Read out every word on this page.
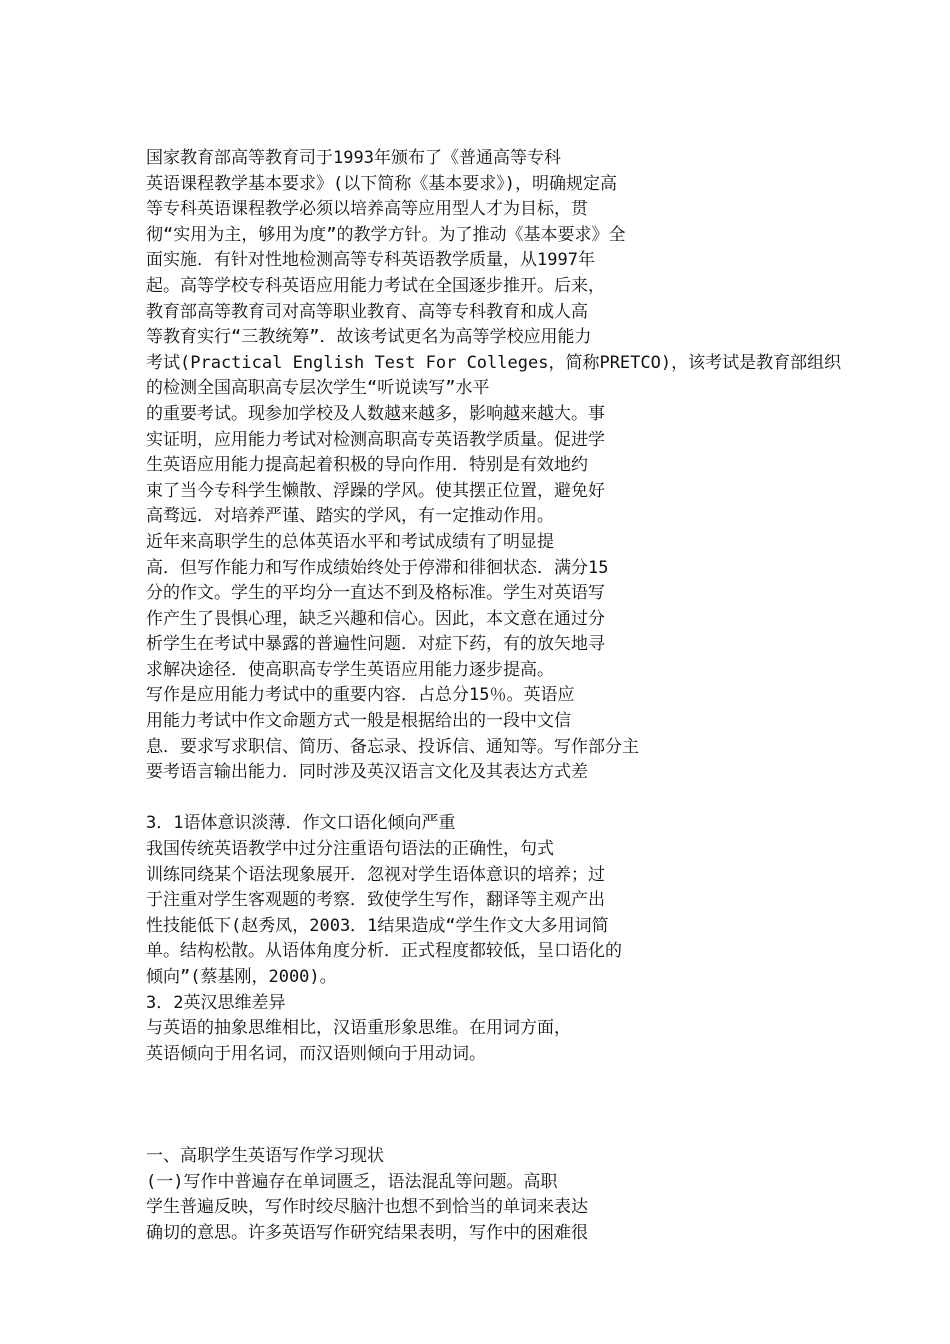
国家教育部高等教育司于1993年颁布了《普通高等专科
英语课程教学基本要求》(以下简称《基本要求》)，明确规定高
等专科英语课程教学必须以培养高等应用型人才为目标，贯
彻“实用为主，够用为度”的教学方针。为了推动《基本要求》全
面实施．有针对性地检测高等专科英语教学质量，从1997年
起。高等学校专科英语应用能力考试在全国逐步推开。后来，
教育部高等教育司对高等职业教育、高等专科教育和成人高
等教育实行“三教统筹”．故该考试更名为高等学校应用能力
考试(Practical English Test For Colleges，简称PRETCO)，该考试是教育部组织
的检测全国高职高专层次学生“听说读写”水平
的重要考试。现参加学校及人数越来越多，影响越来越大。事
实证明，应用能力考试对检测高职高专英语教学质量。促进学
生英语应用能力提高起着积极的导向作用．特别是有效地约
束了当今专科学生懒散、浮躁的学风。使其摆正位置，避免好
高骛远．对培养严谨、踏实的学风，有一定推动作用。
近年来高职学生的总体英语水平和考试成绩有了明显提
高．但写作能力和写作成绩始终处于停滞和徘徊状态．满分15
分的作文。学生的平均分一直达不到及格标准。学生对英语写
作产生了畏惧心理，缺乏兴趣和信心。因此，本文意在通过分
析学生在考试中暴露的普遍性问题．对症下药，有的放矢地寻
求解决途径．使高职高专学生英语应用能力逐步提高。
写作是应用能力考试中的重要内容．占总分15％。英语应
用能力考试中作文命题方式一般是根据给出的一段中文信
息．要求写求职信、简历、备忘录、投诉信、通知等。写作部分主
要考语言输出能力．同时涉及英汉语言文化及其表达方式差
3．1语体意识淡薄．作文口语化倾向严重
我国传统英语教学中过分注重语句语法的正确性，句式
训练同绕某个语法现象展开．忽视对学生语体意识的培养；过
于注重对学生客观题的考察．致使学生写作，翻译等主观产出
性技能低下(赵秀凤，2003．1结果造成“学生作文大多用词简
单。结构松散。从语体角度分析．正式程度都较低，呈口语化的
倾向”(蔡基刚，2000)。
3．2英汉思维差异
与英语的抽象思维相比，汉语重形象思维。在用词方面，
英语倾向于用名词，而汉语则倾向于用动词。
一、高职学生英语写作学习现状
(一)写作中普遍存在单词匮乏，语法混乱等问题。高职
学生普遍反映，写作时绞尽脑汁也想不到恰当的单词来表达
确切的意思。许多英语写作研究结果表明，写作中的困难很
